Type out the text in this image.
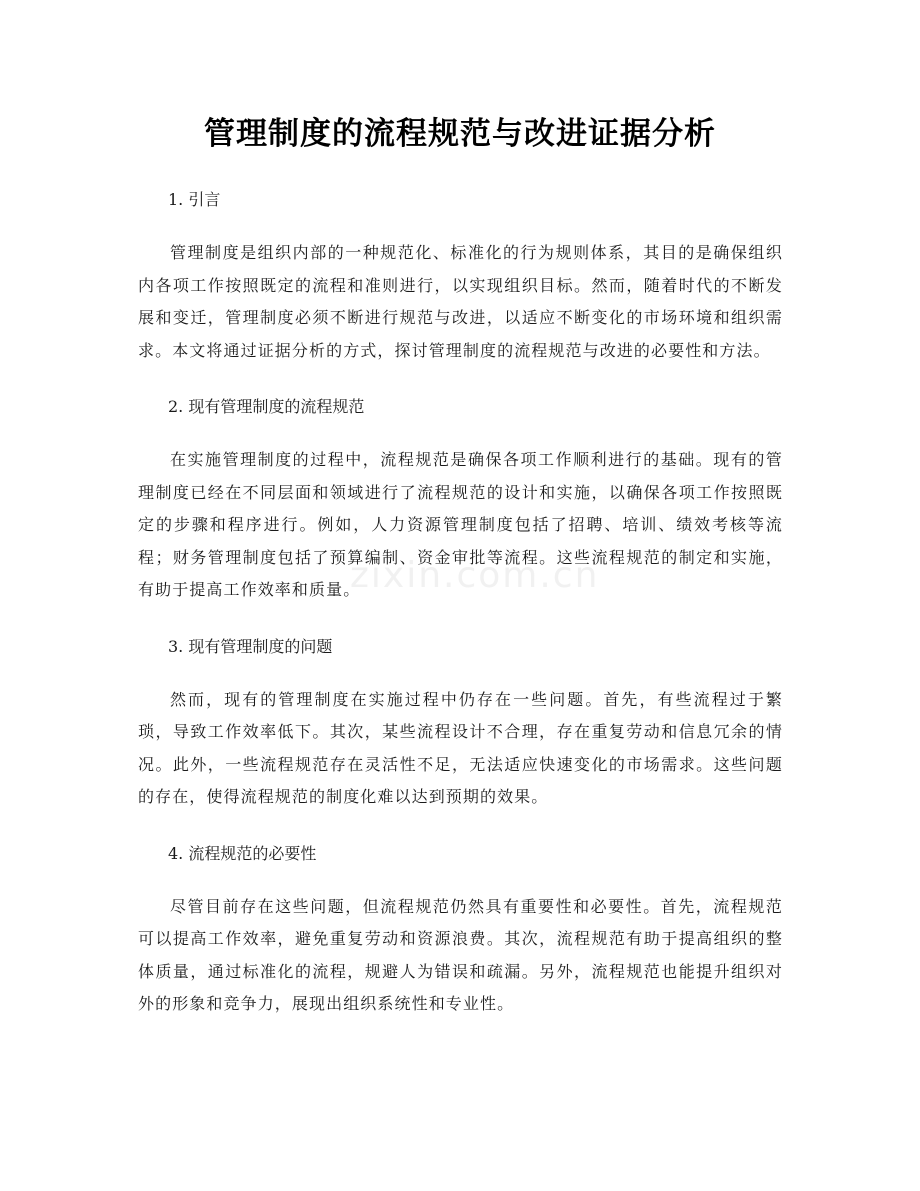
管理制度的流程规范与改进证据分析
zixin.com.cn

1. 引言

管理制度是组织内部的一种规范化、标准化的行为规则体系，其目的是确保组织内各项工作按照既定的流程和准则进行，以实现组织目标。然而，随着时代的不断发展和变迁，管理制度必须不断进行规范与改进，以适应不断变化的市场环境和组织需求。本文将通过证据分析的方式，探讨管理制度的流程规范与改进的必要性和方法。

2. 现有管理制度的流程规范

在实施管理制度的过程中，流程规范是确保各项工作顺利进行的基础。现有的管理制度已经在不同层面和领域进行了流程规范的设计和实施，以确保各项工作按照既定的步骤和程序进行。例如，人力资源管理制度包括了招聘、培训、绩效考核等流程；财务管理制度包括了预算编制、资金审批等流程。这些流程规范的制定和实施，有助于提高工作效率和质量。

3. 现有管理制度的问题

然而，现有的管理制度在实施过程中仍存在一些问题。首先，有些流程过于繁琐，导致工作效率低下。其次，某些流程设计不合理，存在重复劳动和信息冗余的情况。此外，一些流程规范存在灵活性不足，无法适应快速变化的市场需求。这些问题的存在，使得流程规范的制度化难以达到预期的效果。

4. 流程规范的必要性

尽管目前存在这些问题，但流程规范仍然具有重要性和必要性。首先，流程规范可以提高工作效率，避免重复劳动和资源浪费。其次，流程规范有助于提高组织的整体质量，通过标准化的流程，规避人为错误和疏漏。另外，流程规范也能提升组织对外的形象和竞争力，展现出组织系统性和专业性。
